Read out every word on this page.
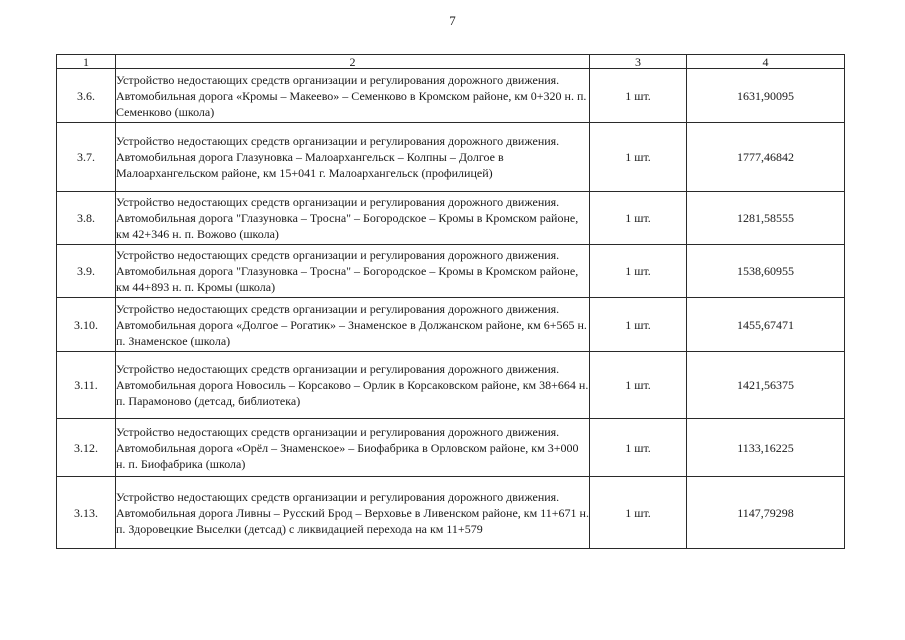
7
1	2	3	4
3.6.	Устройство недостающих средств организации и регулирования дорожного движения. Автомобильная дорога «Кромы – Макеево» – Семенково в Кромском районе, км 0+320 н. п. Семенково (школа)	1 шт.	1631,90095
3.7.	Устройство недостающих средств организации и регулирования дорожного движения. Автомобильная дорога Глазуновка – Малоархангельск – Колпны – Долгое в Малоархангельском районе, км 15+041 г. Малоархангельск (профилицей)	1 шт.	1777,46842
3.8.	Устройство недостающих средств организации и регулирования дорожного движения. Автомобильная дорога "Глазуновка – Тросна" – Богородское – Кромы в Кромском районе, км 42+346 н. п. Вожово (школа)	1 шт.	1281,58555
3.9.	Устройство недостающих средств организации и регулирования дорожного движения. Автомобильная дорога "Глазуновка – Тросна" – Богородское – Кромы в Кромском районе, км 44+893 н. п. Кромы (школа)	1 шт.	1538,60955
3.10.	Устройство недостающих средств организации и регулирования дорожного движения. Автомобильная дорога «Долгое – Рогатик» – Знаменское в Должанском районе, км 6+565 н. п. Знаменское (школа)	1 шт.	1455,67471
3.11.	Устройство недостающих средств организации и регулирования дорожного движения. Автомобильная дорога Новосиль – Корсаково – Орлик в Корсаковском районе, км 38+664 н. п. Парамоново (детсад, библиотека)	1 шт.	1421,56375
3.12.	Устройство недостающих средств организации и регулирования дорожного движения. Автомобильная дорога «Орёл – Знаменское» – Биофабрика в Орловском районе, км 3+000 н. п. Биофабрика (школа)	1 шт.	1133,16225
3.13.	Устройство недостающих средств организации и регулирования дорожного движения. Автомобильная дорога Ливны – Русский Брод – Верховье в Ливенском районе, км 11+671 н. п. Здоровецкие Выселки (детсад) с ликвидацией перехода на км 11+579	1 шт.	1147,79298
